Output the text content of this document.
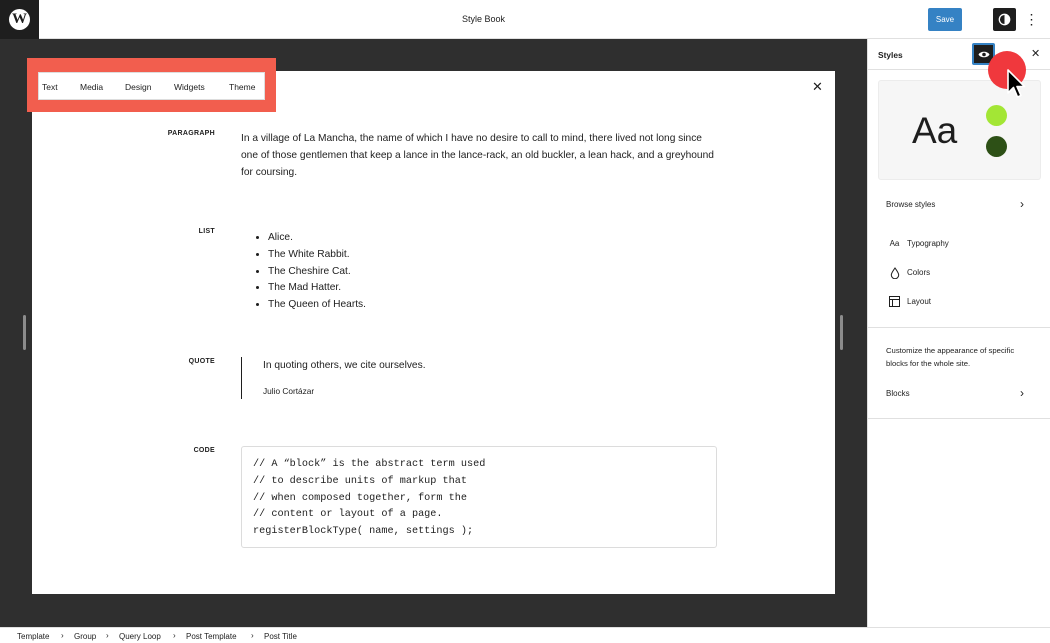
W	Style Book	Save	⋮
✕
PARAGRAPH	In a village of La Mancha, the name of which I have no desire to call to mind, there lived not long since one of those gentlemen that keep a lance in the lance-rack, an old buckler, a lean hack, and a greyhound for coursing.
LIST
• Alice.
• The White Rabbit.
• The Cheshire Cat.
• The Mad Hatter.
• The Queen of Hearts.
QUOTE	In quoting others, we cite ourselves.
Julio Cortázar
CODE
// A “block” is the abstract term used
// to describe units of markup that
// when composed together, form the
// content or layout of a page.
registerBlockType( name, settings );
Text	Media	Design	Widgets	Theme
Styles	✕
Aa
Browse styles	›
Aa Typography
Colors
Layout
Customize the appearance of specific blocks for the whole site.
Blocks	›
Template › Group › Query Loop › Post Template › Post Title
